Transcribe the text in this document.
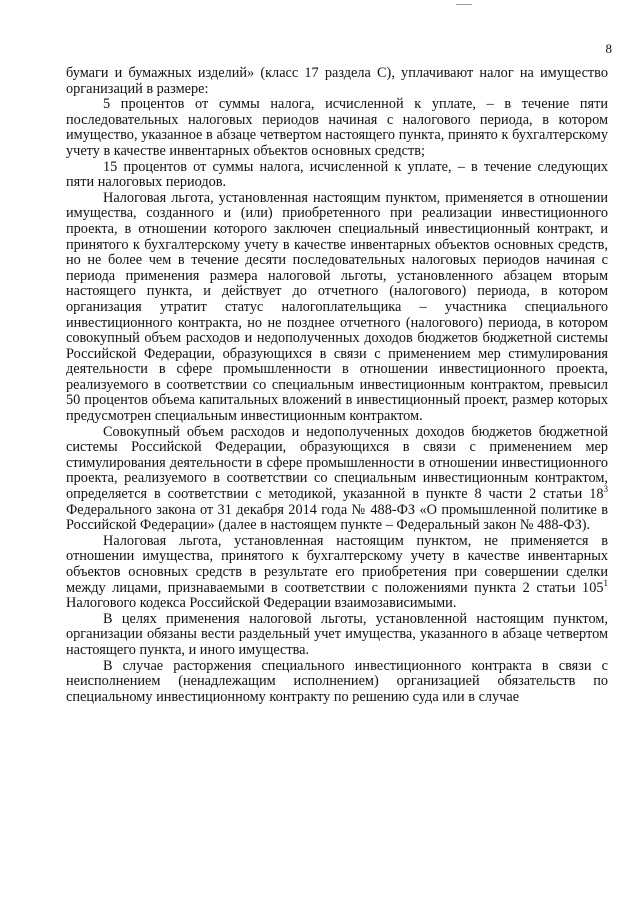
8

бумаги и бумажных изделий» (класс 17 раздела С), уплачивают налог на имущество организаций в размере:

5 процентов от суммы налога, исчисленной к уплате, – в течение пяти последовательных налоговых периодов начиная с налогового периода, в котором имущество, указанное в абзаце четвертом настоящего пункта, принято к бухгалтерскому учету в качестве инвентарных объектов основных средств;

15 процентов от суммы налога, исчисленной к уплате, – в течение следующих пяти налоговых периодов.

Налоговая льгота, установленная настоящим пунктом, применяется в отношении имущества, созданного и (или) приобретенного при реализации инвестиционного проекта, в отношении которого заключен специальный инвестиционный контракт, и принятого к бухгалтерскому учету в качестве инвентарных объектов основных средств, но не более чем в течение десяти последовательных налоговых периодов начиная с периода применения размера налоговой льготы, установленного абзацем вторым настоящего пункта, и действует до отчетного (налогового) периода, в котором организация утратит статус налогоплательщика – участника специального инвестиционного контракта, но не позднее отчетного (налогового) периода, в котором совокупный объем расходов и недополученных доходов бюджетов бюджетной системы Российской Федерации, образующихся в связи с применением мер стимулирования деятельности в сфере промышленности в отношении инвестиционного проекта, реализуемого в соответствии со специальным инвестиционным контрактом, превысил 50 процентов объема капитальных вложений в инвестиционный проект, размер которых предусмотрен специальным инвестиционным контрактом.

Совокупный объем расходов и недополученных доходов бюджетов бюджетной системы Российской Федерации, образующихся в связи с применением мер стимулирования деятельности в сфере промышленности в отношении инвестиционного проекта, реализуемого в соответствии со специальным инвестиционным контрактом, определяется в соответствии с методикой, указанной в пункте 8 части 2 статьи $18^3$ Федерального закона от 31 декабря 2014 года № 488-ФЗ «О промышленной политике в Российской Федерации» (далее в настоящем пункте – Федеральный закон № 488-ФЗ).

Налоговая льгота, установленная настоящим пунктом, не применяется в отношении имущества, принятого к бухгалтерскому учету в качестве инвентарных объектов основных средств в результате его приобретения при совершении сделки между лицами, признаваемыми в соответствии с положениями пункта 2 статьи $105^1$ Налогового кодекса Российской Федерации взаимозависимыми.

В целях применения налоговой льготы, установленной настоящим пунктом, организации обязаны вести раздельный учет имущества, указанного в абзаце четвертом настоящего пункта, и иного имущества.

В случае расторжения специального инвестиционного контракта в связи с неисполнением (ненадлежащим исполнением) организацией обязательств по специальному инвестиционному контракту по решению суда или в случае
